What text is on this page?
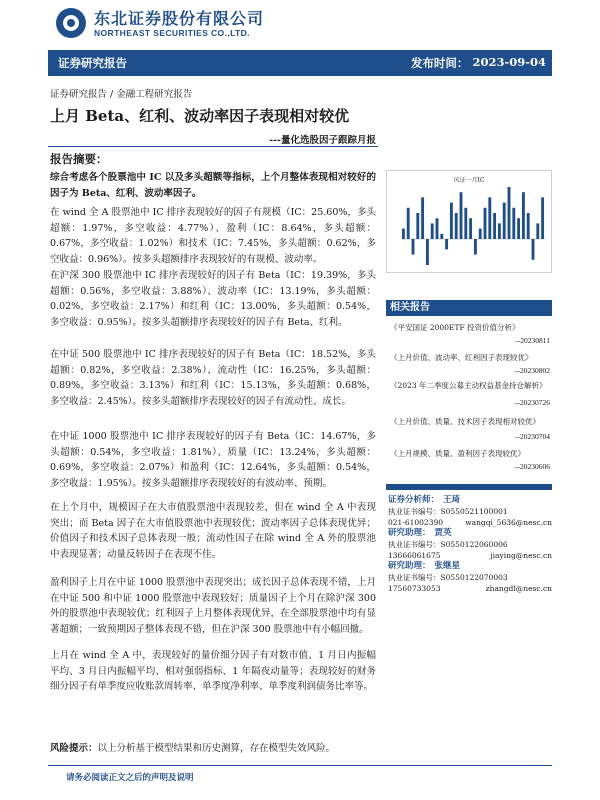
东北证券股份有限公司
NORTHEAST SECURITIES CO.,LTD.
证券研究报告	发布时间： 2023-09-04
证券研究报告 / 金融工程研究报告
上月 Beta、红利、波动率因子表现相对较优
---量化选股因子跟踪月报
报告摘要：
综合考虑各个股票池中 IC 以及多头超额等指标，上个月整体表现相对较好的因子为 Beta、红利、波动率因子。
在 wind 全 A 股票池中 IC 排序表现较好的因子有规模（IC：25.60%，多头超额：1.97%，多空收益：4.77%）、盈利（IC：8.64%，多头超额：0.67%，多空收益：1.02%）和技术（IC：7.45%，多头超额：0.62%，多空收益：0.96%）。按多头超额排序表现较好的有规模、波动率。
在沪深 300 股票池中 IC 排序表现较好的因子有 Beta（IC：19.39%，多头超额：0.56%，多空收益：3.88%）、波动率（IC：13.19%，多头超额：0.02%，多空收益：2.17%）和红利（IC：13.00%，多头超额：0.54%，多空收益：0.95%）。按多头超额排序表现较好的因子有 Beta、红利。
在中证 500 股票池中 IC 排序表现较好的因子有 Beta（IC：18.52%，多头超额：0.82%，多空收益：2.38%）、流动性（IC：16.25%，多头超额：0.89%，多空收益：3.13%）和红利（IC：15.13%，多头超额：0.68%，多空收益：2.45%）。按多头超额排序表现较好的因子有流动性、成长。
在中证 1000 股票池中 IC 排序表现较好的因子有 Beta（IC：14.67%，多头超额：0.54%，多空收益：1.81%）、质量（IC：13.24%，多头超额：0.69%，多空收益：2.07%）和盈利（IC：12.64%，多头超额：0.54%，多空收益：1.95%）。按多头超额排序表现较好的有波动率、预期。
在上个月中，规模因子在大市值股票池中表现较差，但在 wind 全 A 中表现突出；而 Beta 因子在大市值股票池中表现较优；波动率因子总体表现优异；价值因子和技术因子总体表现一般；流动性因子在除 wind 全 A 外的股票池中表现显著；动量反转因子在表现不佳。
盈利因子上月在中证 1000 股票池中表现突出；成长因子总体表现不错，上月在中证 500 和中证 1000 股票池中表现较好；质量因子上个月在除沪深 300 外的股票池中表现较优；红利因子上月整体表现优异，在全部股票池中均有显著超额；一致预期因子整体表现不错，但在沪深 300 股票池中有小幅回撤。
上月在 wind 全 A 中，表现较好的量价细分因子有对数市值、1 月日内振幅平均、3 月日内振幅平均、相对强弱指标、1 年隔夜动量等；表现较好的财务细分因子有单季度应收账款周转率、单季度净利率、单季度利润债务比率等。
风证一月IC
相关报告
《平安国证 2000ETF 投资价值分析》
--20230811
《上月价值、波动率、红利因子表现较优》
--20230802
《2023 年二季度公募主动权益基金持仓解析》
--20230726
《上月价值、质量、技术因子表现相对较优》
--20230704
《上月规模、质量、盈利因子表现较优》
--20230606
证券分析师： 王琦
执业证书编号：S0550521100001
021-61002390	wangqi_5636@nesc.cn
研究助理： 贾英
执业证书编号：S0550122060006
13666061675	jiaying@nesc.cn
研究助理： 张继星
执业证书编号：S0550122070003
17560733053	zhangdl@nesc.cn
风险提示：以上分析基于模型结果和历史测算，存在模型失效风险。
请务必阅读正文之后的声明及说明
